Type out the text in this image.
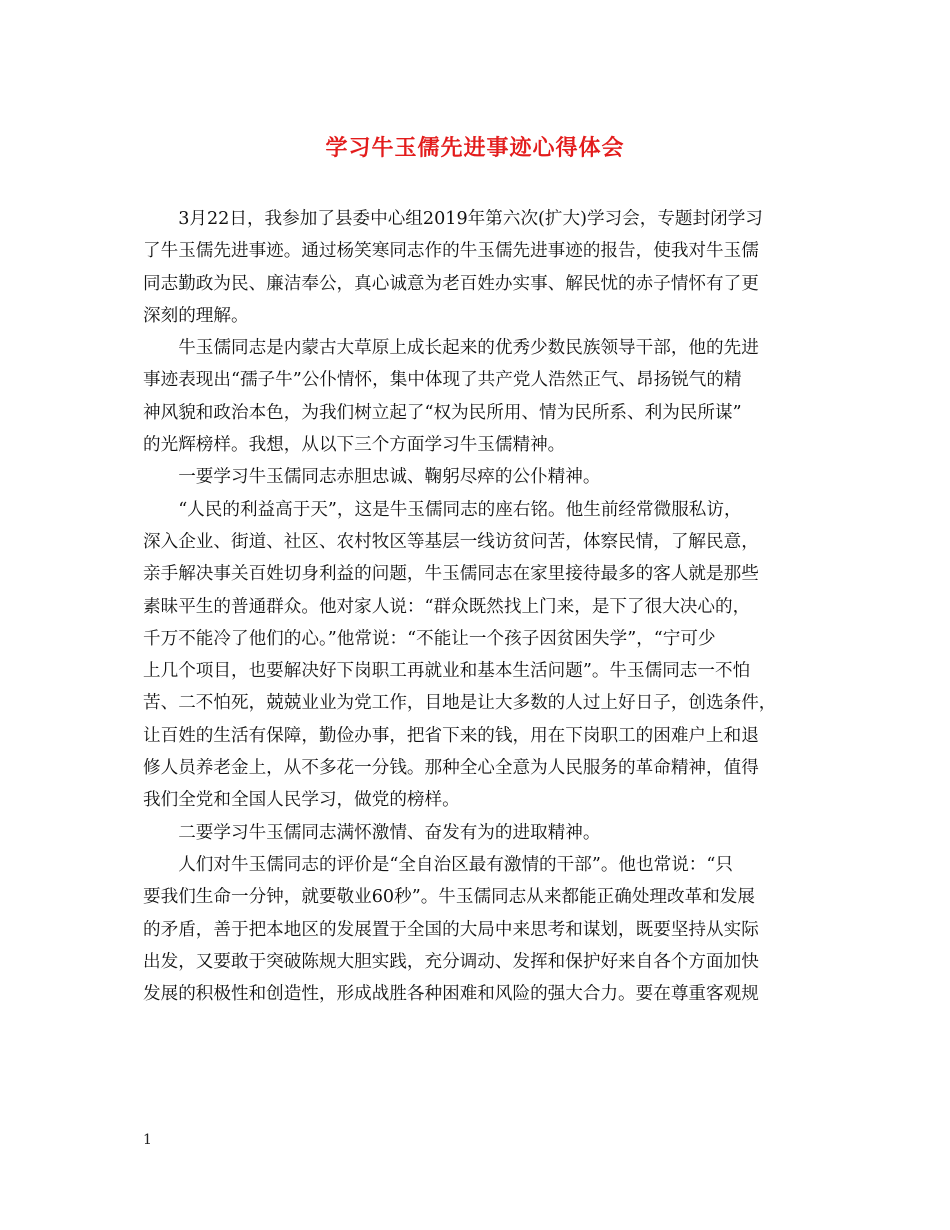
学习牛玉儒先进事迹心得体会

3月22日，我参加了县委中心组2019年第六次(扩大)学习会，专题封闭学习
了牛玉儒先进事迹。通过杨笑寒同志作的牛玉儒先进事迹的报告，使我对牛玉儒
同志勤政为民、廉洁奉公，真心诚意为老百姓办实事、解民忧的赤子情怀有了更
深刻的理解。

牛玉儒同志是内蒙古大草原上成长起来的优秀少数民族领导干部，他的先进
事迹表现出“孺子牛”公仆情怀，集中体现了共产党人浩然正气、昂扬锐气的精
神风貌和政治本色，为我们树立起了“权为民所用、情为民所系、利为民所谋”
的光辉榜样。我想，从以下三个方面学习牛玉儒精神。

一要学习牛玉儒同志赤胆忠诚、鞠躬尽瘁的公仆精神。

“人民的利益高于天”，这是牛玉儒同志的座右铭。他生前经常微服私访，
深入企业、街道、社区、农村牧区等基层一线访贫问苦，体察民情，了解民意，
亲手解决事关百姓切身利益的问题，牛玉儒同志在家里接待最多的客人就是那些
素昧平生的普通群众。他对家人说：“群众既然找上门来，是下了很大决心的，
千万不能冷了他们的心。”他常说：“不能让一个孩子因贫困失学”，“宁可少
上几个项目，也要解决好下岗职工再就业和基本生活问题”。牛玉儒同志一不怕
苦、二不怕死，兢兢业业为党工作，目地是让大多数的人过上好日子，创选条件，
让百姓的生活有保障，勤俭办事，把省下来的钱，用在下岗职工的困难户上和退
修人员养老金上，从不多花一分钱。那种全心全意为人民服务的革命精神，值得
我们全党和全国人民学习，做党的榜样。

二要学习牛玉儒同志满怀激情、奋发有为的进取精神。

人们对牛玉儒同志的评价是“全自治区最有激情的干部”。他也常说：“只
要我们生命一分钟，就要敬业60秒”。牛玉儒同志从来都能正确处理改革和发展
的矛盾，善于把本地区的发展置于全国的大局中来思考和谋划，既要坚持从实际
出发，又要敢于突破陈规大胆实践，充分调动、发挥和保护好来自各个方面加快
发展的积极性和创造性，形成战胜各种困难和风险的强大合力。要在尊重客观规

1
